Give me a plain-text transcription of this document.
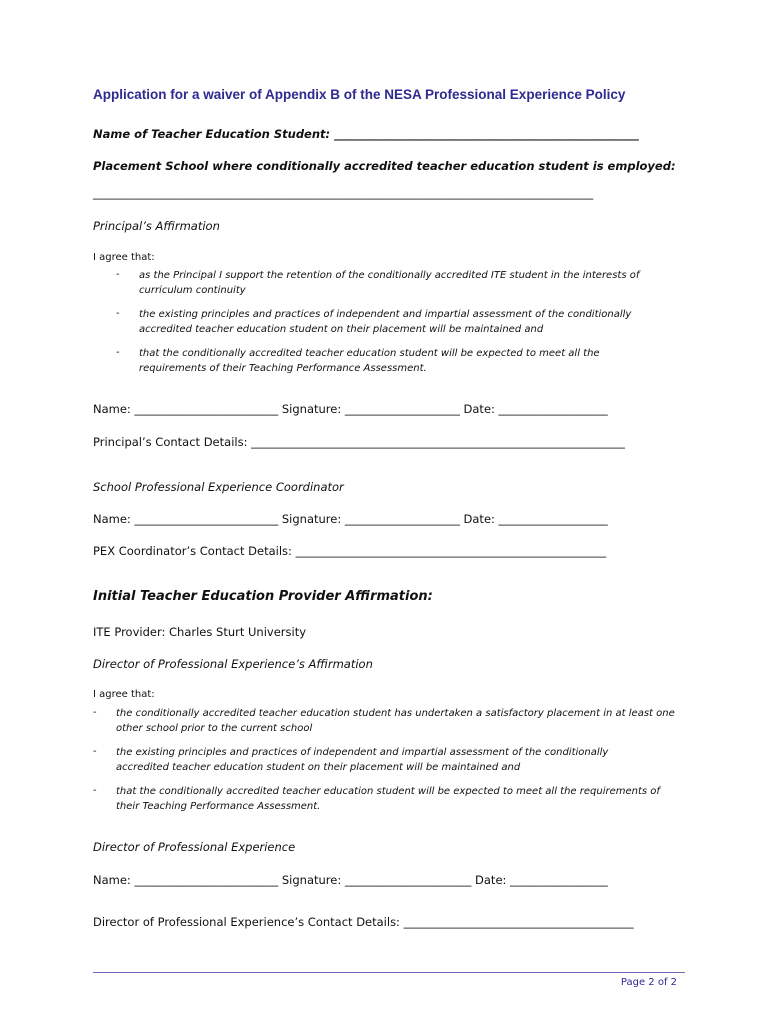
Application for a waiver of Appendix B of the NESA Professional Experience Policy
Name of Teacher Education Student: _____________________________________________________
Placement School where conditionally accredited teacher education student is employed:
_______________________________________________________________________________________
Principal’s Affirmation
I agree that:
- as the Principal I support the retention of the conditionally accredited ITE student in the interests of curriculum continuity
- the existing principles and practices of independent and impartial assessment of the conditionally accredited teacher education student on their placement will be maintained and
- that the conditionally accredited teacher education student will be expected to meet all the requirements of their Teaching Performance Assessment.
Name: _________________________ Signature: ____________________ Date: ___________________
Principal’s Contact Details: _________________________________________________________________
School Professional Experience Coordinator
Name: _________________________ Signature: ____________________ Date: ___________________
PEX Coordinator’s Contact Details: ______________________________________________________
Initial Teacher Education Provider Affirmation:
ITE Provider: Charles Sturt University
Director of Professional Experience’s Affirmation
I agree that:
- the conditionally accredited teacher education student has undertaken a satisfactory placement in at least one other school prior to the current school
- the existing principles and practices of independent and impartial assessment of the conditionally accredited teacher education student on their placement will be maintained and
- that the conditionally accredited teacher education student will be expected to meet all the requirements of their Teaching Performance Assessment.
Director of Professional Experience
Name: _________________________ Signature: ______________________ Date: _________________
Director of Professional Experience’s Contact Details: ________________________________________
Page 2 of 2
